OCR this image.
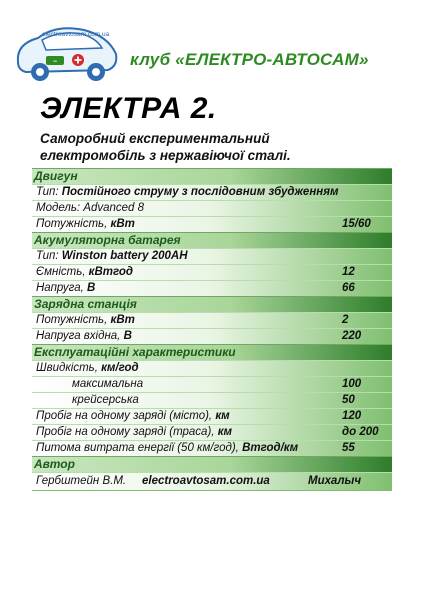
−
electroavtosam.com.ua
клуб «ЕЛЕКТРО-АВТОСАМ»
ЭЛЕКТРА 2.
Саморобний експериментальний
електромобіль з нержавіючої сталі.
Двигун
Тип: Постійного струму з послідовним збудженням
Модель: Advanced 8
Потужність, кВт	15/60
Акумуляторна батарея
Тип: Winston battery 200AH
Ємність, кВтгод	12
Напруга, В	66
Зарядна станція
Потужність, кВт	2
Напруга вхідна, В	220
Експлуатаційні характеристики
Швидкість, км/год
максимальна	100
крейсерська	50
Пробіг на одному заряді (місто), км	120
Пробіг на одному заряді (траса), км	до 200
Питома витрата енергії (50 км/год), Втгод/км	55
Автор
Гербштейн В.М. electroavtosam.com.ua	Михалыч
